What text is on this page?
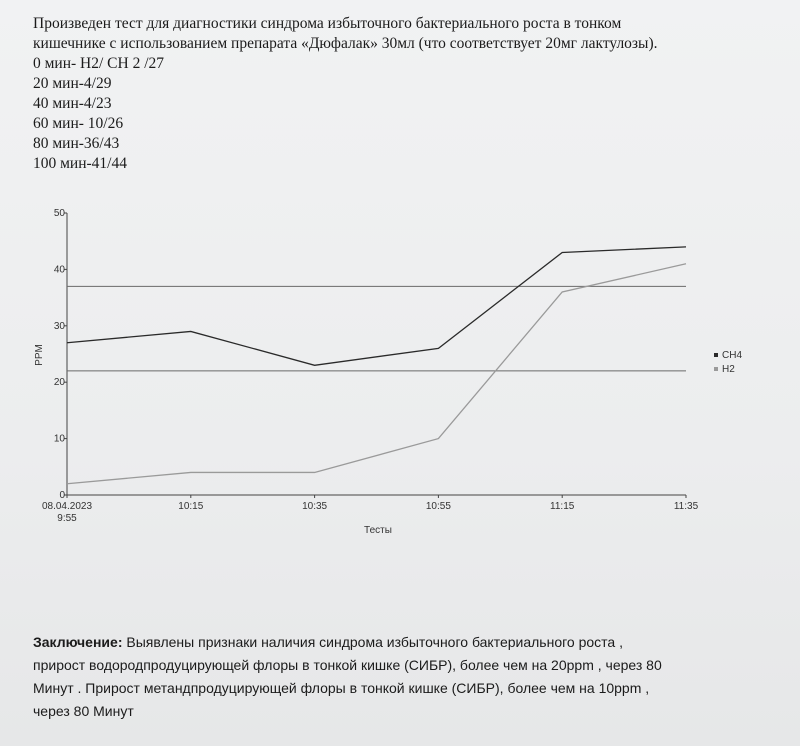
Произведен тест для диагностики синдрома избыточного бактериального роста в тонком
кишечнике с использованием препарата «Дюфалак» 30мл (что соответствует 20мг лактулозы).
0 мин- H2/ CH 2 /27
20 мин-4/29
40 мин-4/23
60 мин- 10/26
80 мин-36/43
100 мин-41/44
0
10
20
30
40
50
08.04.2023
9:55
10:15	10:35	10:55	11:15	11:35
CH4
H2
PPM
Тесты
Заключение: Выявлены признаки наличия синдрома избыточного бактериального роста ,
прирост водородпродуцирующей флоры в тонкой кишке (СИБР), более чем на 20ppm , через 80
Минут . Прирост метандпродуцирующей флоры в тонкой кишке (СИБР), более чем на 10ppm ,
через 80 Минут
